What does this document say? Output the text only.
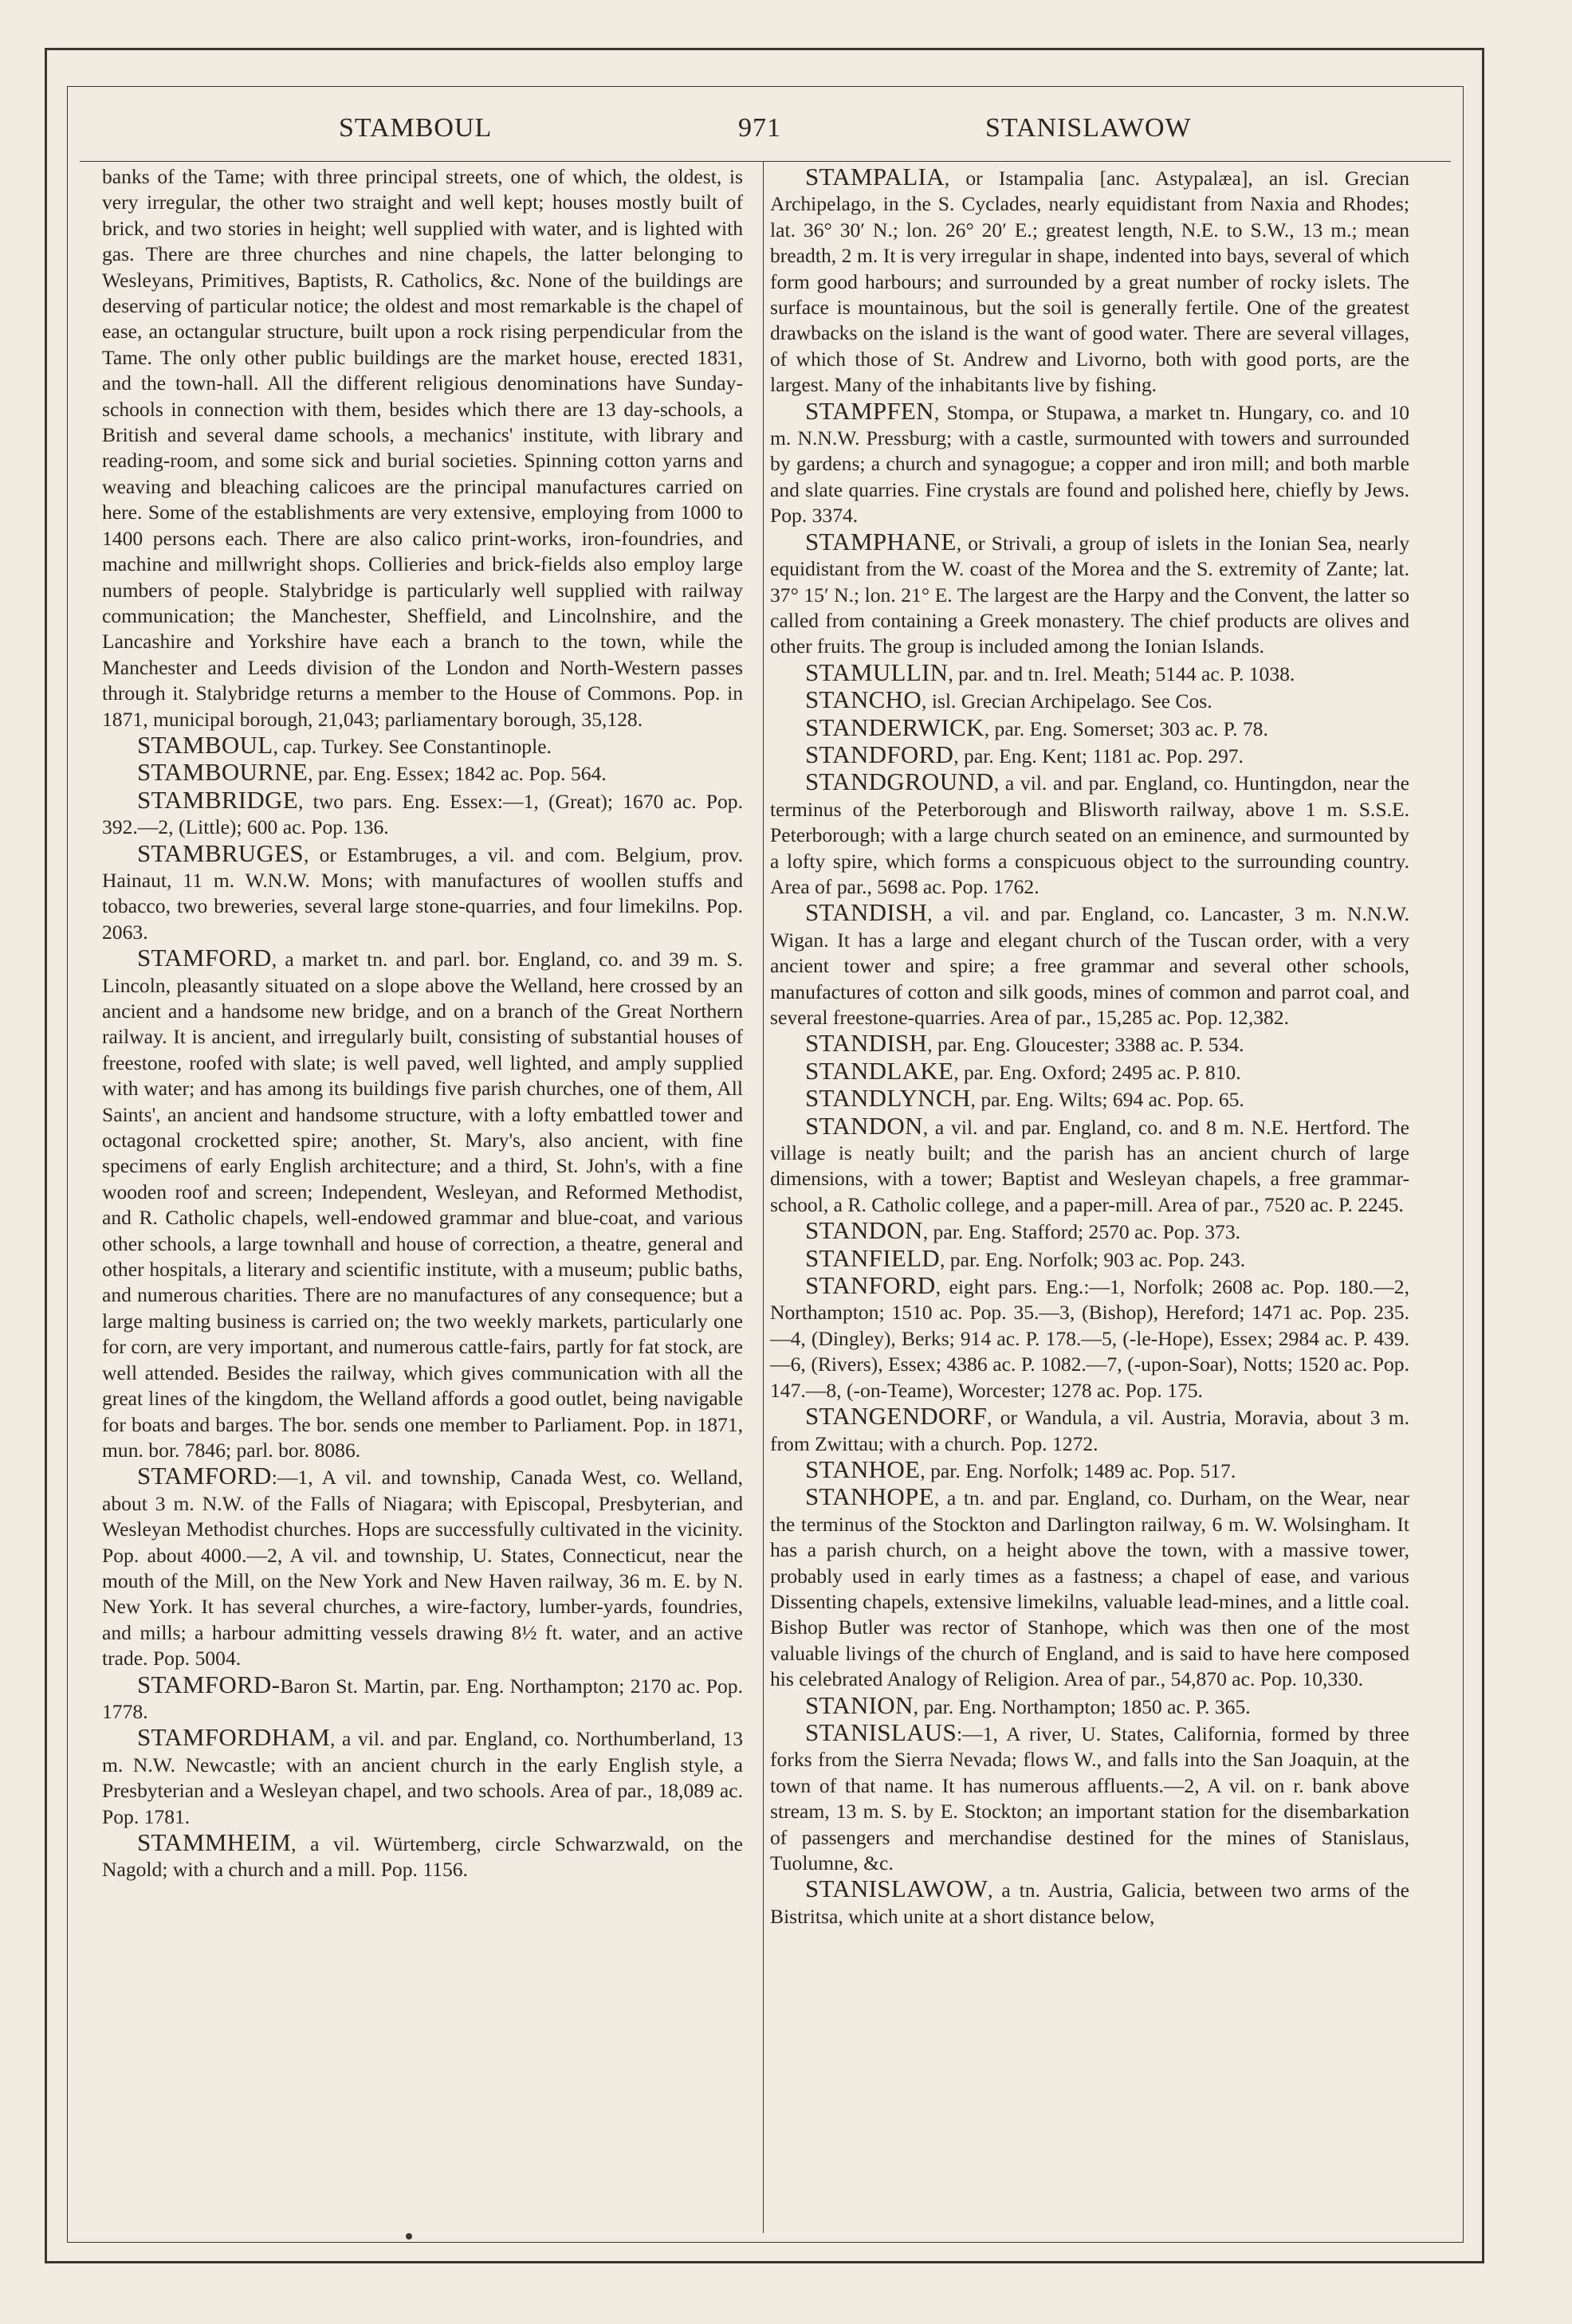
STAMBOUL	971	STANISLAWOW

banks of the Tame; with three principal streets, one of which, the oldest, is very irregular, the other two straight and well kept; houses mostly built of brick, and two stories in height; well supplied with water, and is lighted with gas. There are three churches and nine chapels, the latter belonging to Wesleyans, Primitives, Baptists, R. Catholics, &c. None of the buildings are deserving of particular notice; the oldest and most remarkable is the chapel of ease, an octangular structure, built upon a rock rising perpendicular from the Tame. The only other public buildings are the market house, erected 1831, and the town-hall. All the different religious denominations have Sunday-schools in connection with them, besides which there are 13 day-schools, a British and several dame schools, a mechanics' institute, with library and reading-room, and some sick and burial societies. Spinning cotton yarns and weaving and bleaching calicoes are the principal manufactures carried on here. Some of the establishments are very extensive, employing from 1000 to 1400 persons each. There are also calico print-works, iron-foundries, and machine and millwright shops. Collieries and brick-fields also employ large numbers of people. Stalybridge is particularly well supplied with railway communication; the Manchester, Sheffield, and Lincolnshire, and the Lancashire and Yorkshire have each a branch to the town, while the Manchester and Leeds division of the London and North-Western passes through it. Stalybridge returns a member to the House of Commons. Pop. in 1871, municipal borough, 21,043; parliamentary borough, 35,128.

STAMBOUL, cap. Turkey. See Constantinople.

STAMBOURNE, par. Eng. Essex; 1842 ac. Pop. 564.

STAMBRIDGE, two pars. Eng. Essex:—1, (Great); 1670 ac. Pop. 392.—2, (Little); 600 ac. Pop. 136.

STAMBRUGES, or Estambruges, a vil. and com. Belgium, prov. Hainaut, 11 m. W.N.W. Mons; with manufactures of woollen stuffs and tobacco, two breweries, several large stone-quarries, and four limekilns. Pop. 2063.

STAMFORD, a market tn. and parl. bor. England, co. and 39 m. S. Lincoln, pleasantly situated on a slope above the Welland, here crossed by an ancient and a handsome new bridge, and on a branch of the Great Northern railway. It is ancient, and irregularly built, consisting of substantial houses of freestone, roofed with slate; is well paved, well lighted, and amply supplied with water; and has among its buildings five parish churches, one of them, All Saints', an ancient and handsome structure, with a lofty embattled tower and octagonal crocketted spire; another, St. Mary's, also ancient, with fine specimens of early English architecture; and a third, St. John's, with a fine wooden roof and screen; Independent, Wesleyan, and Reformed Methodist, and R. Catholic chapels, well-endowed grammar and blue-coat, and various other schools, a large townhall and house of correction, a theatre, general and other hospitals, a literary and scientific institute, with a museum; public baths, and numerous charities. There are no manufactures of any consequence; but a large malting business is carried on; the two weekly markets, particularly one for corn, are very important, and numerous cattle-fairs, partly for fat stock, are well attended. Besides the railway, which gives communication with all the great lines of the kingdom, the Welland affords a good outlet, being navigable for boats and barges. The bor. sends one member to Parliament. Pop. in 1871, mun. bor. 7846; parl. bor. 8086.

STAMFORD:—1, A vil. and township, Canada West, co. Welland, about 3 m. N.W. of the Falls of Niagara; with Episcopal, Presbyterian, and Wesleyan Methodist churches. Hops are successfully cultivated in the vicinity. Pop. about 4000.—2, A vil. and township, U. States, Connecticut, near the mouth of the Mill, on the New York and New Haven railway, 36 m. E. by N. New York. It has several churches, a wire-factory, lumber-yards, foundries, and mills; a harbour admitting vessels drawing 8½ ft. water, and an active trade. Pop. 5004.

STAMFORD-Baron St. Martin, par. Eng. Northampton; 2170 ac. Pop. 1778.

STAMFORDHAM, a vil. and par. England, co. Northumberland, 13 m. N.W. Newcastle; with an ancient church in the early English style, a Presbyterian and a Wesleyan chapel, and two schools. Area of par., 18,089 ac. Pop. 1781.

STAMMHEIM, a vil. Würtemberg, circle Schwarzwald, on the Nagold; with a church and a mill. Pop. 1156.

STAMPALIA, or Istampalia [anc. Astypalæa], an isl. Grecian Archipelago, in the S. Cyclades, nearly equidistant from Naxia and Rhodes; lat. 36° 30′ N.; lon. 26° 20′ E.; greatest length, N.E. to S.W., 13 m.; mean breadth, 2 m. It is very irregular in shape, indented into bays, several of which form good harbours; and surrounded by a great number of rocky islets. The surface is mountainous, but the soil is generally fertile. One of the greatest drawbacks on the island is the want of good water. There are several villages, of which those of St. Andrew and Livorno, both with good ports, are the largest. Many of the inhabitants live by fishing.

STAMPFEN, Stompa, or Stupawa, a market tn. Hungary, co. and 10 m. N.N.W. Pressburg; with a castle, surmounted with towers and surrounded by gardens; a church and synagogue; a copper and iron mill; and both marble and slate quarries. Fine crystals are found and polished here, chiefly by Jews. Pop. 3374.

STAMPHANE, or Strivali, a group of islets in the Ionian Sea, nearly equidistant from the W. coast of the Morea and the S. extremity of Zante; lat. 37° 15′ N.; lon. 21° E. The largest are the Harpy and the Convent, the latter so called from containing a Greek monastery. The chief products are olives and other fruits. The group is included among the Ionian Islands.

STAMULLIN, par. and tn. Irel. Meath; 5144 ac. P. 1038.

STANCHO, isl. Grecian Archipelago. See Cos.

STANDERWICK, par. Eng. Somerset; 303 ac. P. 78.

STANDFORD, par. Eng. Kent; 1181 ac. Pop. 297.

STANDGROUND, a vil. and par. England, co. Huntingdon, near the terminus of the Peterborough and Blisworth railway, above 1 m. S.S.E. Peterborough; with a large church seated on an eminence, and surmounted by a lofty spire, which forms a conspicuous object to the surrounding country. Area of par., 5698 ac. Pop. 1762.

STANDISH, a vil. and par. England, co. Lancaster, 3 m. N.N.W. Wigan. It has a large and elegant church of the Tuscan order, with a very ancient tower and spire; a free grammar and several other schools, manufactures of cotton and silk goods, mines of common and parrot coal, and several freestone-quarries. Area of par., 15,285 ac. Pop. 12,382.

STANDISH, par. Eng. Gloucester; 3388 ac. P. 534.

STANDLAKE, par. Eng. Oxford; 2495 ac. P. 810.

STANDLYNCH, par. Eng. Wilts; 694 ac. Pop. 65.

STANDON, a vil. and par. England, co. and 8 m. N.E. Hertford. The village is neatly built; and the parish has an ancient church of large dimensions, with a tower; Baptist and Wesleyan chapels, a free grammar-school, a R. Catholic college, and a paper-mill. Area of par., 7520 ac. P. 2245.

STANDON, par. Eng. Stafford; 2570 ac. Pop. 373.

STANFIELD, par. Eng. Norfolk; 903 ac. Pop. 243.

STANFORD, eight pars. Eng.:—1, Norfolk; 2608 ac. Pop. 180.—2, Northampton; 1510 ac. Pop. 35.—3, (Bishop), Hereford; 1471 ac. Pop. 235.—4, (Dingley), Berks; 914 ac. P. 178.—5, (-le-Hope), Essex; 2984 ac. P. 439.—6, (Rivers), Essex; 4386 ac. P. 1082.—7, (-upon-Soar), Notts; 1520 ac. Pop. 147.—8, (-on-Teame), Worcester; 1278 ac. Pop. 175.

STANGENDORF, or Wandula, a vil. Austria, Moravia, about 3 m. from Zwittau; with a church. Pop. 1272.

STANHOE, par. Eng. Norfolk; 1489 ac. Pop. 517.

STANHOPE, a tn. and par. England, co. Durham, on the Wear, near the terminus of the Stockton and Darlington railway, 6 m. W. Wolsingham. It has a parish church, on a height above the town, with a massive tower, probably used in early times as a fastness; a chapel of ease, and various Dissenting chapels, extensive limekilns, valuable lead-mines, and a little coal. Bishop Butler was rector of Stanhope, which was then one of the most valuable livings of the church of England, and is said to have here composed his celebrated Analogy of Religion. Area of par., 54,870 ac. Pop. 10,330.

STANION, par. Eng. Northampton; 1850 ac. P. 365.

STANISLAUS:—1, A river, U. States, California, formed by three forks from the Sierra Nevada; flows W., and falls into the San Joaquin, at the town of that name. It has numerous affluents.—2, A vil. on r. bank above stream, 13 m. S. by E. Stockton; an important station for the disembarkation of passengers and merchandise destined for the mines of Stanislaus, Tuolumne, &c.

STANISLAWOW, a tn. Austria, Galicia, between two arms of the Bistritsa, which unite at a short distance below,
